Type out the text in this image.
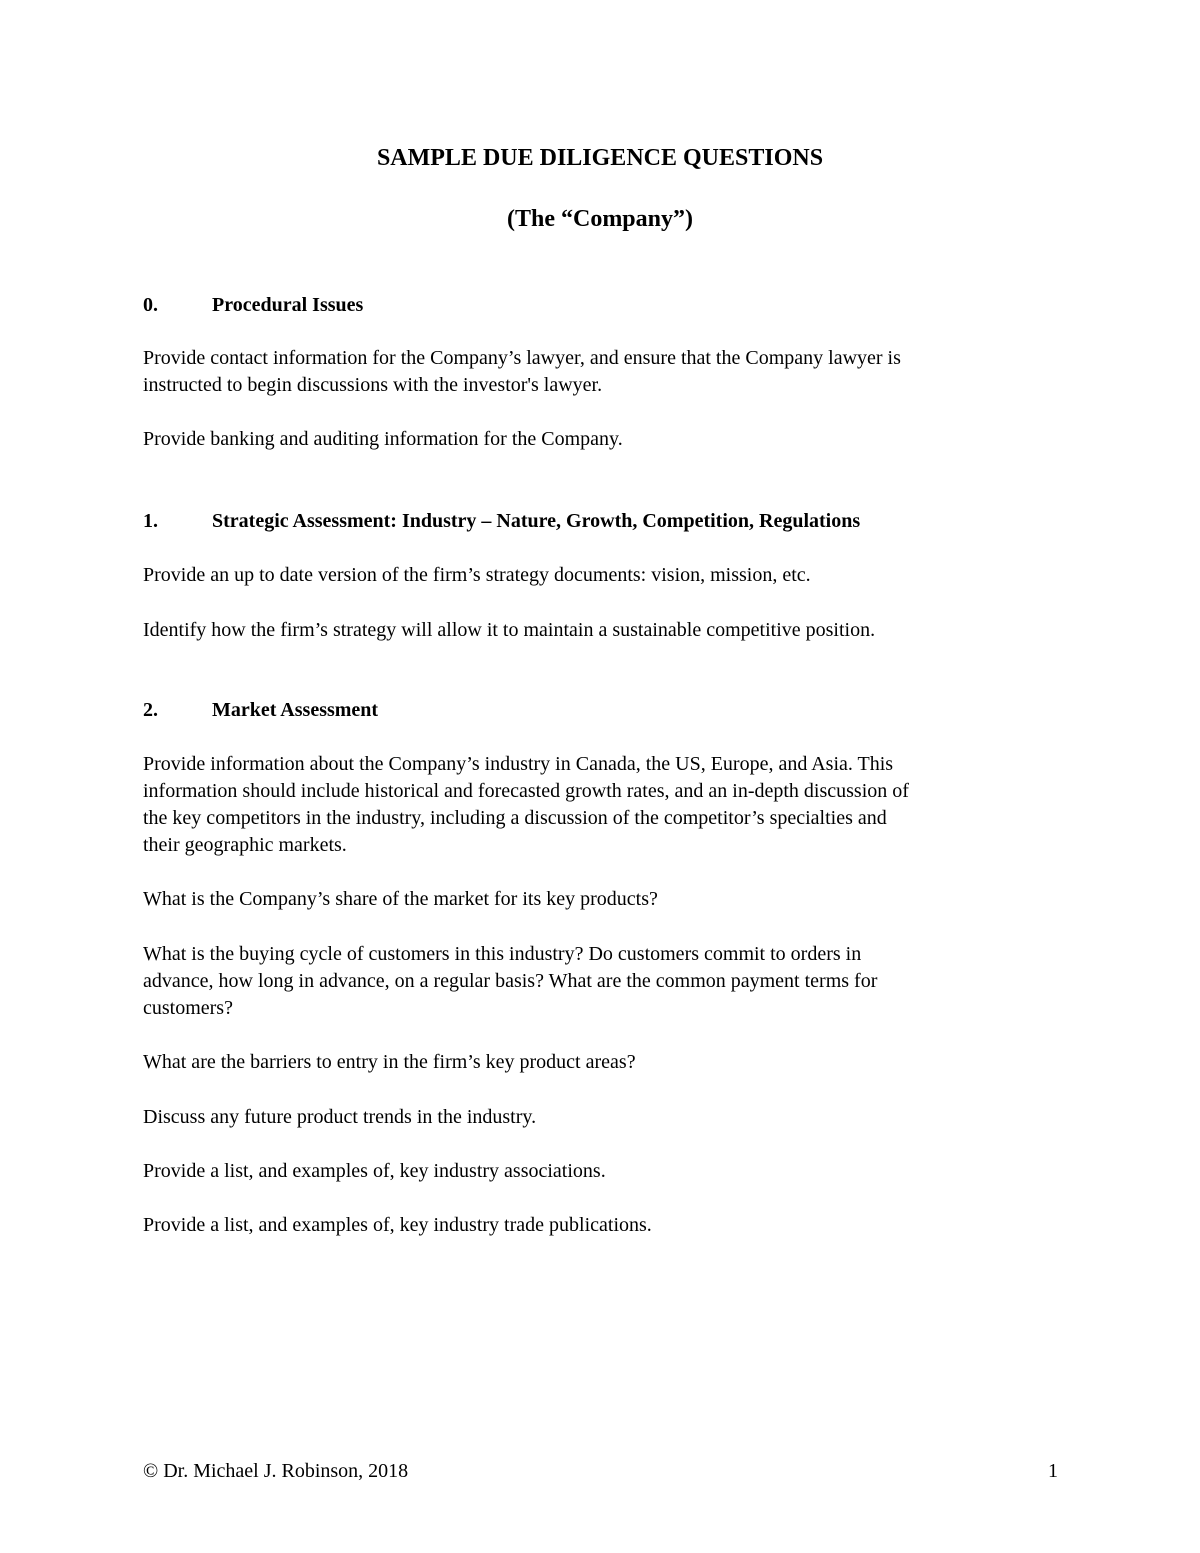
SAMPLE DUE DILIGENCE QUESTIONS
(The “Company”)
0.	Procedural Issues
Provide contact information for the Company’s lawyer, and ensure that the Company lawyer is
instructed to begin discussions with the investor's lawyer.
Provide banking and auditing information for the Company.
1.	Strategic Assessment: Industry – Nature, Growth, Competition, Regulations
Provide an up to date version of the firm’s strategy documents: vision, mission, etc.
Identify how the firm’s strategy will allow it to maintain a sustainable competitive position.
2.	Market Assessment
Provide information about the Company’s industry in Canada, the US, Europe, and Asia. This
information should include historical and forecasted growth rates, and an in-depth discussion of
the key competitors in the industry, including a discussion of the competitor’s specialties and
their geographic markets.
What is the Company’s share of the market for its key products?
What is the buying cycle of customers in this industry? Do customers commit to orders in
advance, how long in advance, on a regular basis? What are the common payment terms for
customers?
What are the barriers to entry in the firm’s key product areas?
Discuss any future product trends in the industry.
Provide a list, and examples of, key industry associations.
Provide a list, and examples of, key industry trade publications.
© Dr. Michael J. Robinson, 2018	1
